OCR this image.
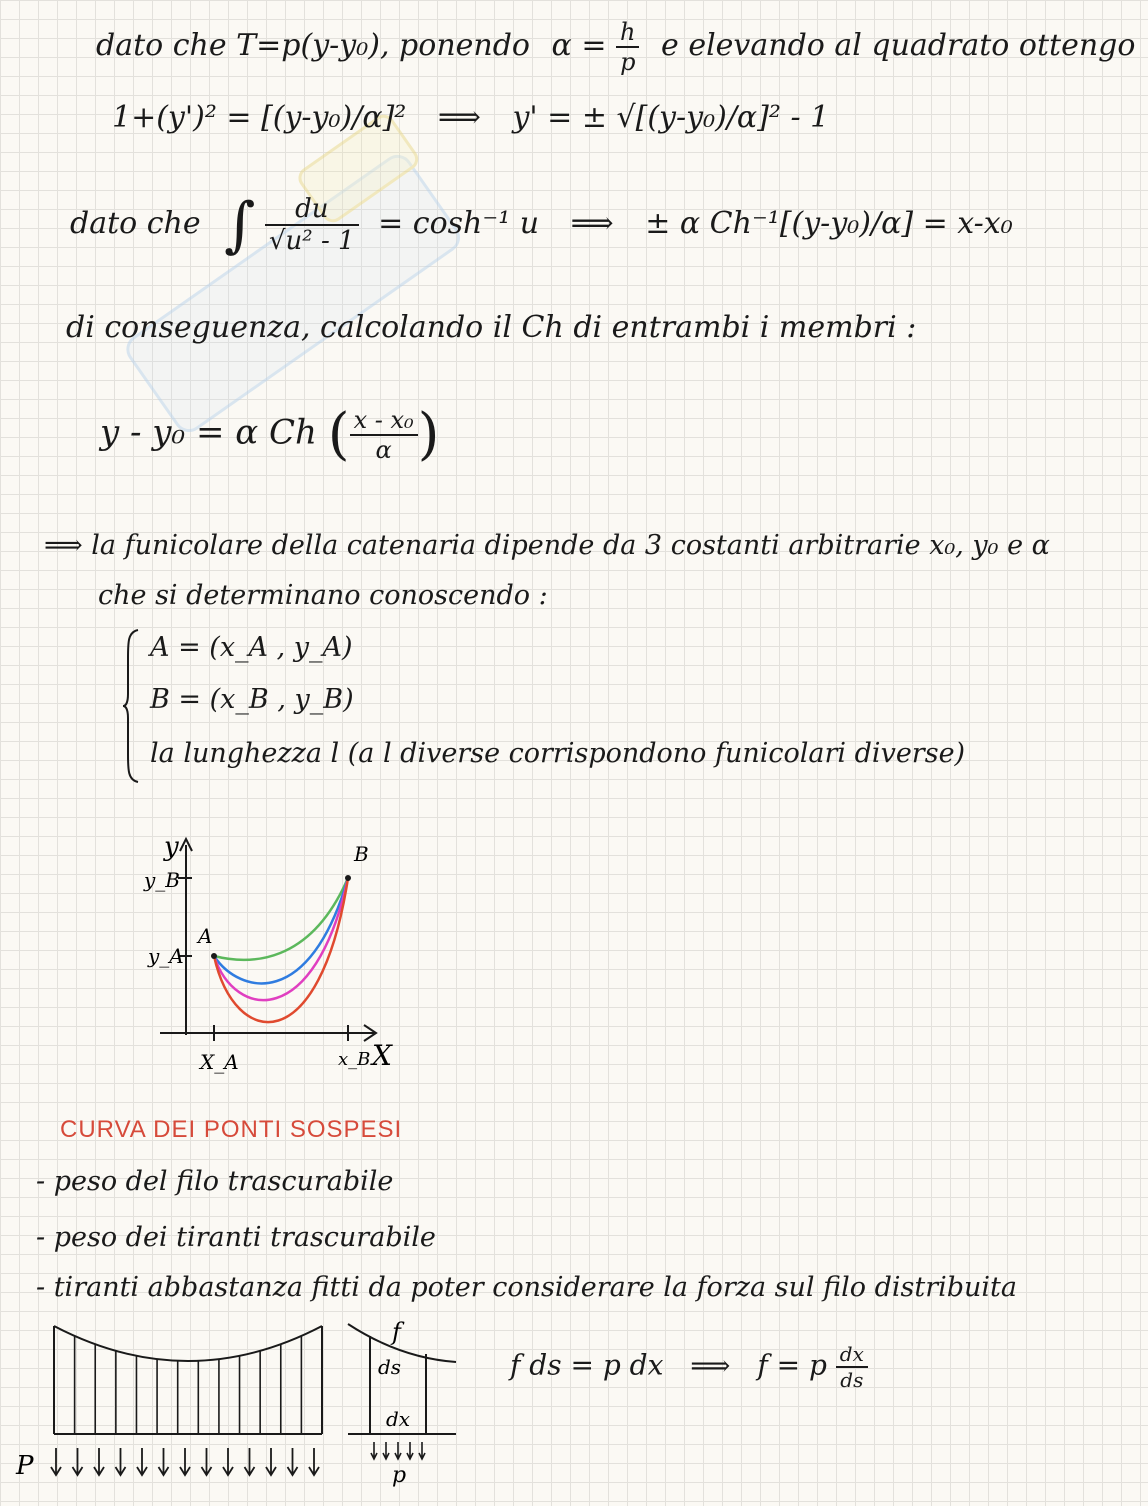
dato che T=p(y-y₀), ponendo $\alpha = \frac{h}{p}$ e elevando al quadrato ottengo
1+(y')² = [(y-y₀)/α]² ⟹ y' = ± √[(y-y₀)/α]² - 1
dato che ∫ $\frac{du}{\text{√u² - 1}} = \cosh^{-1}$ u ⟹ ± α Ch⁻¹[(y-y₀)/α] = x-x₀
di conseguenza, calcolando il Ch di entrambi i membri :
y - y₀ = α Ch ( $\frac{\text{x - x₀}}{\alpha}$ )
⟹ la funicolare della catenaria dipende da 3 costanti arbitrarie x₀, y₀ e α
che si determinano conoscendo :
A = (x_A , y_A)
B = (x_B , y_B)
la lunghezza l (a l diverse corrispondono funicolari diverse)
y
y_B
y_A
A
B
X_A	x_B X
CURVA DEI PONTI SOSPESI
- peso del filo trascurabile
- peso dei tiranti trascurabile
- tiranti abbastanza fitti da poter considerare la forza sul filo distribuita
P
f
ds
dx
p
f ds = p dx ⟹ f = p $\frac{dx}{ds}$
